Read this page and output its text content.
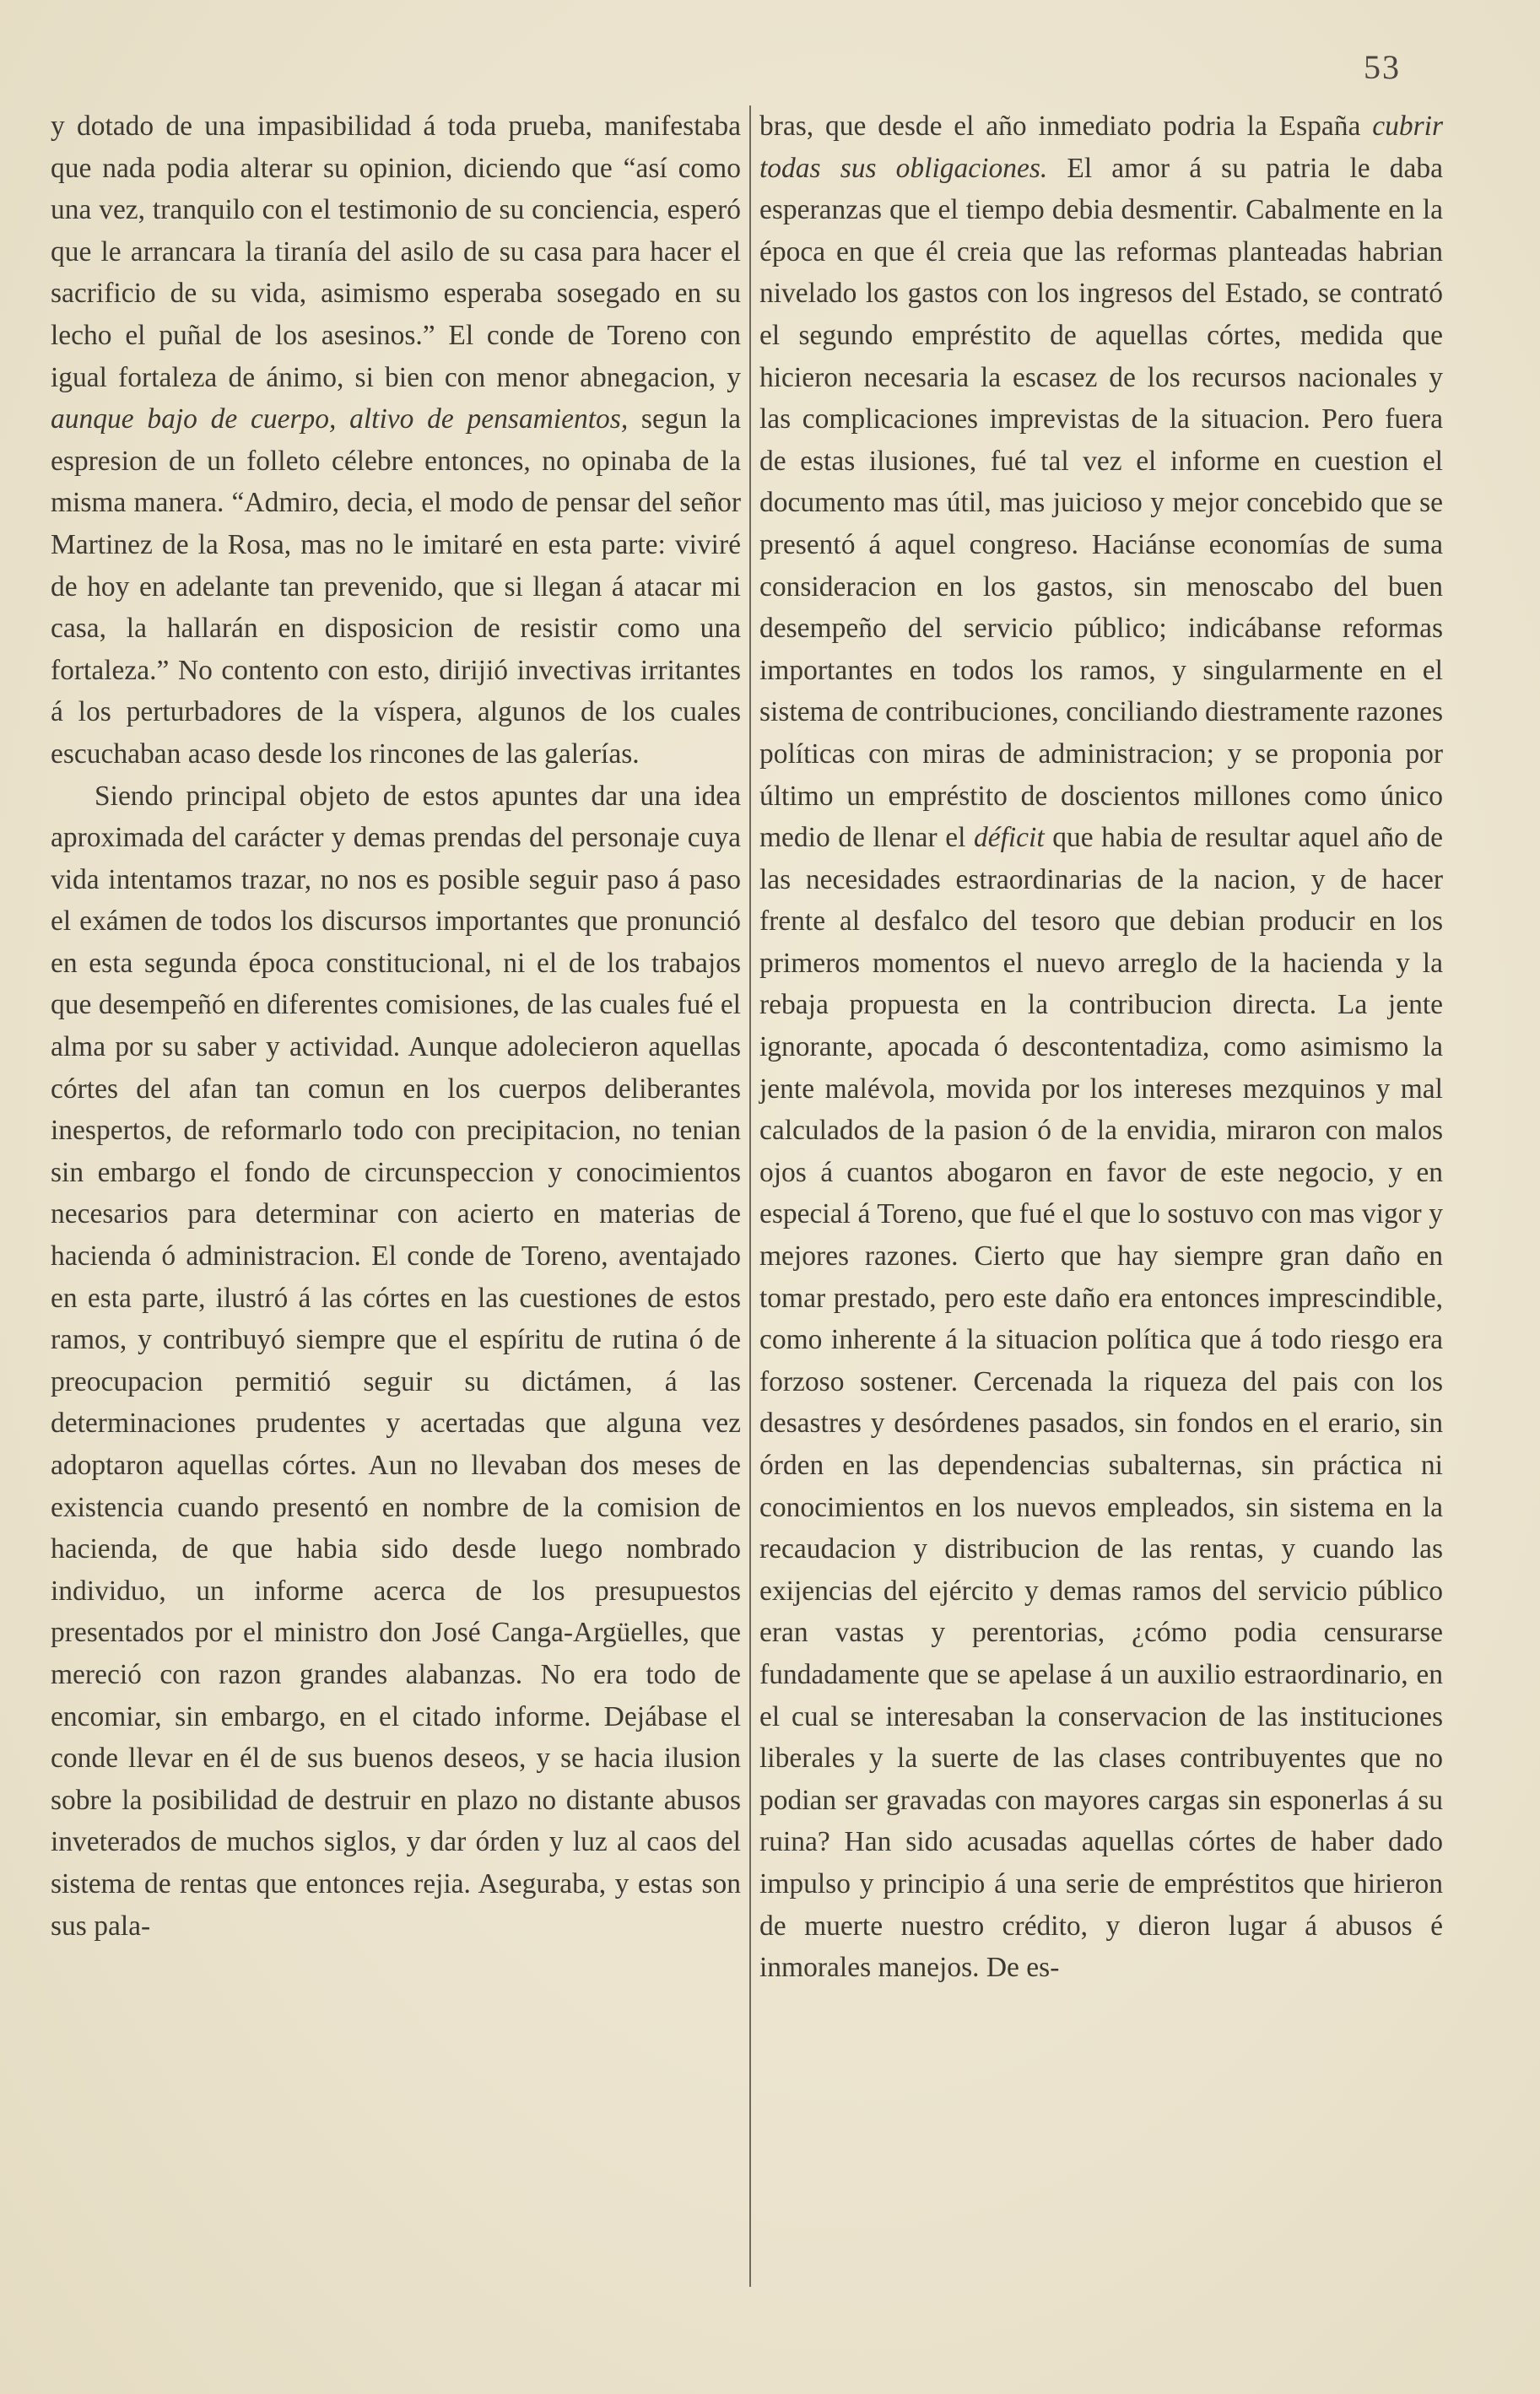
53

y dotado de una impasibilidad á toda prueba, manifestaba que nada podia alterar su opinion, diciendo que “así como una vez, tranquilo con el testimonio de su conciencia, esperó que le arrancara la tiranía del asilo de su casa para hacer el sacrificio de su vida, asimismo esperaba sosegado en su lecho el puñal de los asesinos.” El conde de Toreno con igual fortaleza de ánimo, si bien con menor abnegacion, y aunque bajo de cuerpo, altivo de pensamientos, segun la espresion de un folleto célebre entonces, no opinaba de la misma manera. “Admiro, decia, el modo de pensar del señor Martinez de la Rosa, mas no le imitaré en esta parte: viviré de hoy en adelante tan prevenido, que si llegan á atacar mi casa, la hallarán en disposicion de resistir como una fortaleza.” No contento con esto, dirijió invectivas irritantes á los perturbadores de la víspera, algunos de los cuales escuchaban acaso desde los rincones de las galerías.

Siendo principal objeto de estos apuntes dar una idea aproximada del carácter y demas prendas del personaje cuya vida intentamos trazar, no nos es posible seguir paso á paso el exámen de todos los discursos importantes que pronunció en esta segunda época constitucional, ni el de los trabajos que desempeñó en diferentes comisiones, de las cuales fué el alma por su saber y actividad. Aunque adolecieron aquellas córtes del afan tan comun en los cuerpos deliberantes inespertos, de reformarlo todo con precipitacion, no tenian sin embargo el fondo de circunspeccion y conocimientos necesarios para determinar con acierto en materias de hacienda ó administracion. El conde de Toreno, aventajado en esta parte, ilustró á las córtes en las cuestiones de estos ramos, y contribuyó siempre que el espíritu de rutina ó de preocupacion permitió seguir su dictámen, á las determinaciones prudentes y acertadas que alguna vez adoptaron aquellas córtes. Aun no llevaban dos meses de existencia cuando presentó en nombre de la comision de hacienda, de que habia sido desde luego nombrado individuo, un informe acerca de los presupuestos presentados por el ministro don José Canga-Argüelles, que mereció con razon grandes alabanzas. No era todo de encomiar, sin embargo, en el citado informe. Dejábase el conde llevar en él de sus buenos deseos, y se hacia ilusion sobre la posibilidad de destruir en plazo no distante abusos inveterados de muchos siglos, y dar órden y luz al caos del sistema de rentas que entonces rejia. Aseguraba, y estas son sus pala-

bras, que desde el año inmediato podria la España cubrir todas sus obligaciones. El amor á su patria le daba esperanzas que el tiempo debia desmentir. Cabalmente en la época en que él creia que las reformas planteadas habrian nivelado los gastos con los ingresos del Estado, se contrató el segundo empréstito de aquellas córtes, medida que hicieron necesaria la escasez de los recursos nacionales y las complicaciones imprevistas de la situacion. Pero fuera de estas ilusiones, fué tal vez el informe en cuestion el documento mas útil, mas juicioso y mejor concebido que se presentó á aquel congreso. Haciánse economías de suma consideracion en los gastos, sin menoscabo del buen desempeño del servicio público; indicábanse reformas importantes en todos los ramos, y singularmente en el sistema de contribuciones, conciliando diestramente razones políticas con miras de administracion; y se proponia por último un empréstito de doscientos millones como único medio de llenar el déficit que habia de resultar aquel año de las necesidades estraordinarias de la nacion, y de hacer frente al desfalco del tesoro que debian producir en los primeros momentos el nuevo arreglo de la hacienda y la rebaja propuesta en la contribucion directa. La jente ignorante, apocada ó descontentadiza, como asimismo la jente malévola, movida por los intereses mezquinos y mal calculados de la pasion ó de la envidia, miraron con malos ojos á cuantos abogaron en favor de este negocio, y en especial á Toreno, que fué el que lo sostuvo con mas vigor y mejores razones. Cierto que hay siempre gran daño en tomar prestado, pero este daño era entonces imprescindible, como inherente á la situacion política que á todo riesgo era forzoso sostener. Cercenada la riqueza del pais con los desastres y desórdenes pasados, sin fondos en el erario, sin órden en las dependencias subalternas, sin práctica ni conocimientos en los nuevos empleados, sin sistema en la recaudacion y distribucion de las rentas, y cuando las exijencias del ejército y demas ramos del servicio público eran vastas y perentorias, ¿cómo podia censurarse fundadamente que se apelase á un auxilio estraordinario, en el cual se interesaban la conservacion de las instituciones liberales y la suerte de las clases contribuyentes que no podian ser gravadas con mayores cargas sin esponerlas á su ruina? Han sido acusadas aquellas córtes de haber dado impulso y principio á una serie de empréstitos que hirieron de muerte nuestro crédito, y dieron lugar á abusos é inmorales manejos. De es-
